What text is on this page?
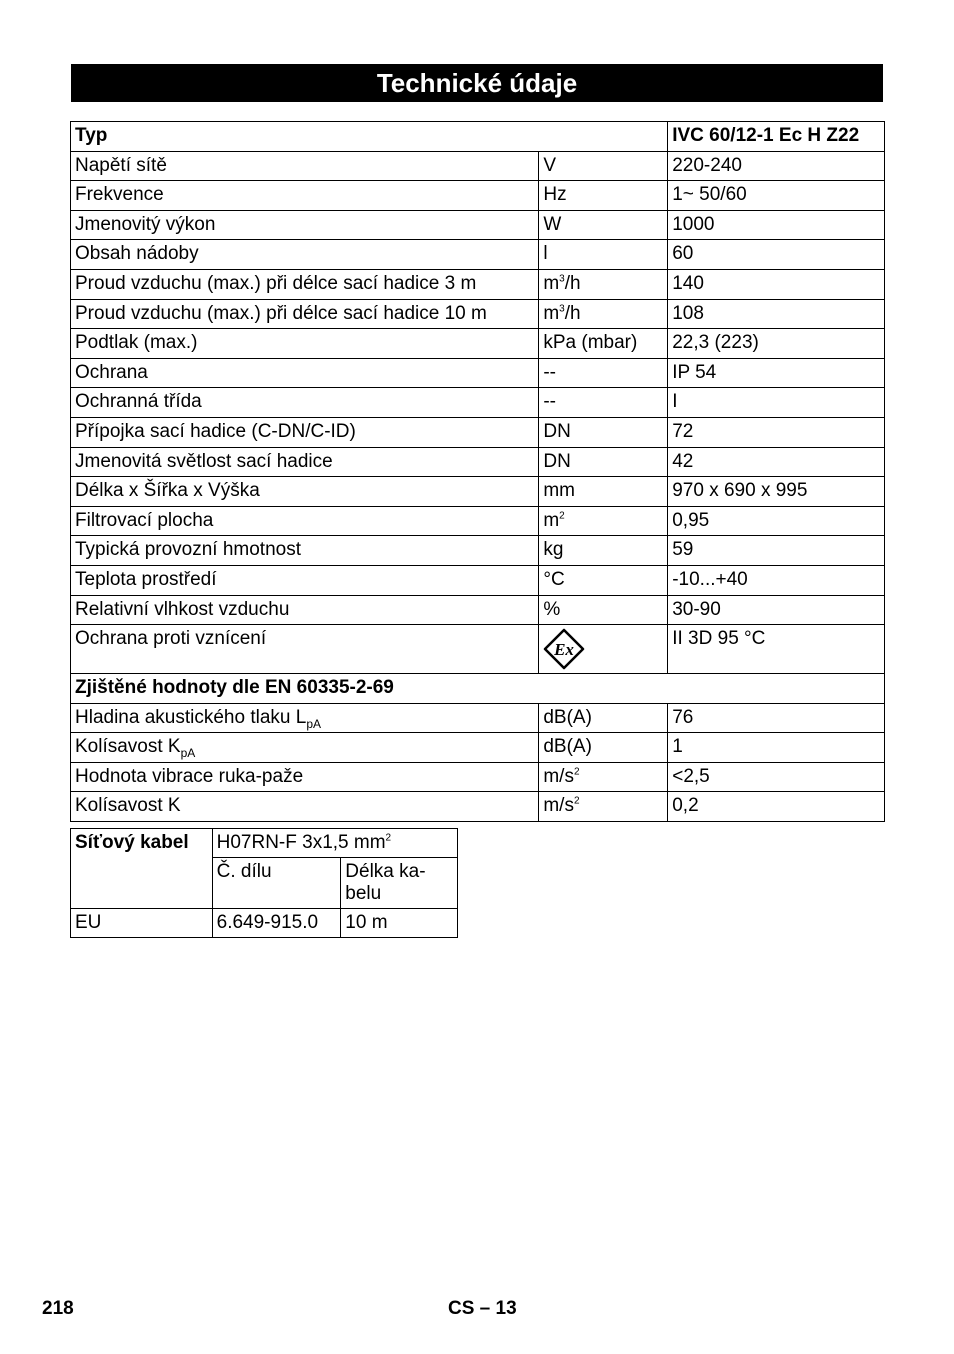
Technické údaje
Typ		IVC 60/12-1 Ec H Z22
Napětí sítě	V	220-240
Frekvence	Hz	1~ 50/60
Jmenovitý výkon	W	1000
Obsah nádoby	l	60
Proud vzduchu (max.) při délce sací hadice 3 m	$m^3/h$	140
Proud vzduchu (max.) při délce sací hadice 10 m	$m^3/h$	108
Podtlak (max.)	kPa (mbar)	22,3 (223)
Ochrana	--	IP 54
Ochranná třída	--	I
Přípojka sací hadice (C-DN/C-ID)	DN	72
Jmenovitá světlost sací hadice	DN	42
Délka x Šířka x Výška	mm	970 x 690 x 995
Filtrovací plocha	$m^2$	0,95
Typická provozní hmotnost	kg	59
Teplota prostředí	°C	-10...+40
Relativní vlhkost vzduchu	%	30-90
Ochrana proti vznícení	Ex	II 3D 95 °C
Zjištěné hodnoty dle EN 60335-2-69		
Hladina akustického tlaku $L_{pA}$	dB(A)	76
Kolísavost $K_{pA}$	dB(A)	1
Hodnota vibrace ruka-paže	$m/s^2$	<2,5
Kolísavost K	$m/s^2$	0,2
Síťový kabel	H07RN-F 3x1,5 $mm^2$
	Č. dílu	Délka ka-
belu
EU	6.649-915.0	10 m
218	CS – 13
